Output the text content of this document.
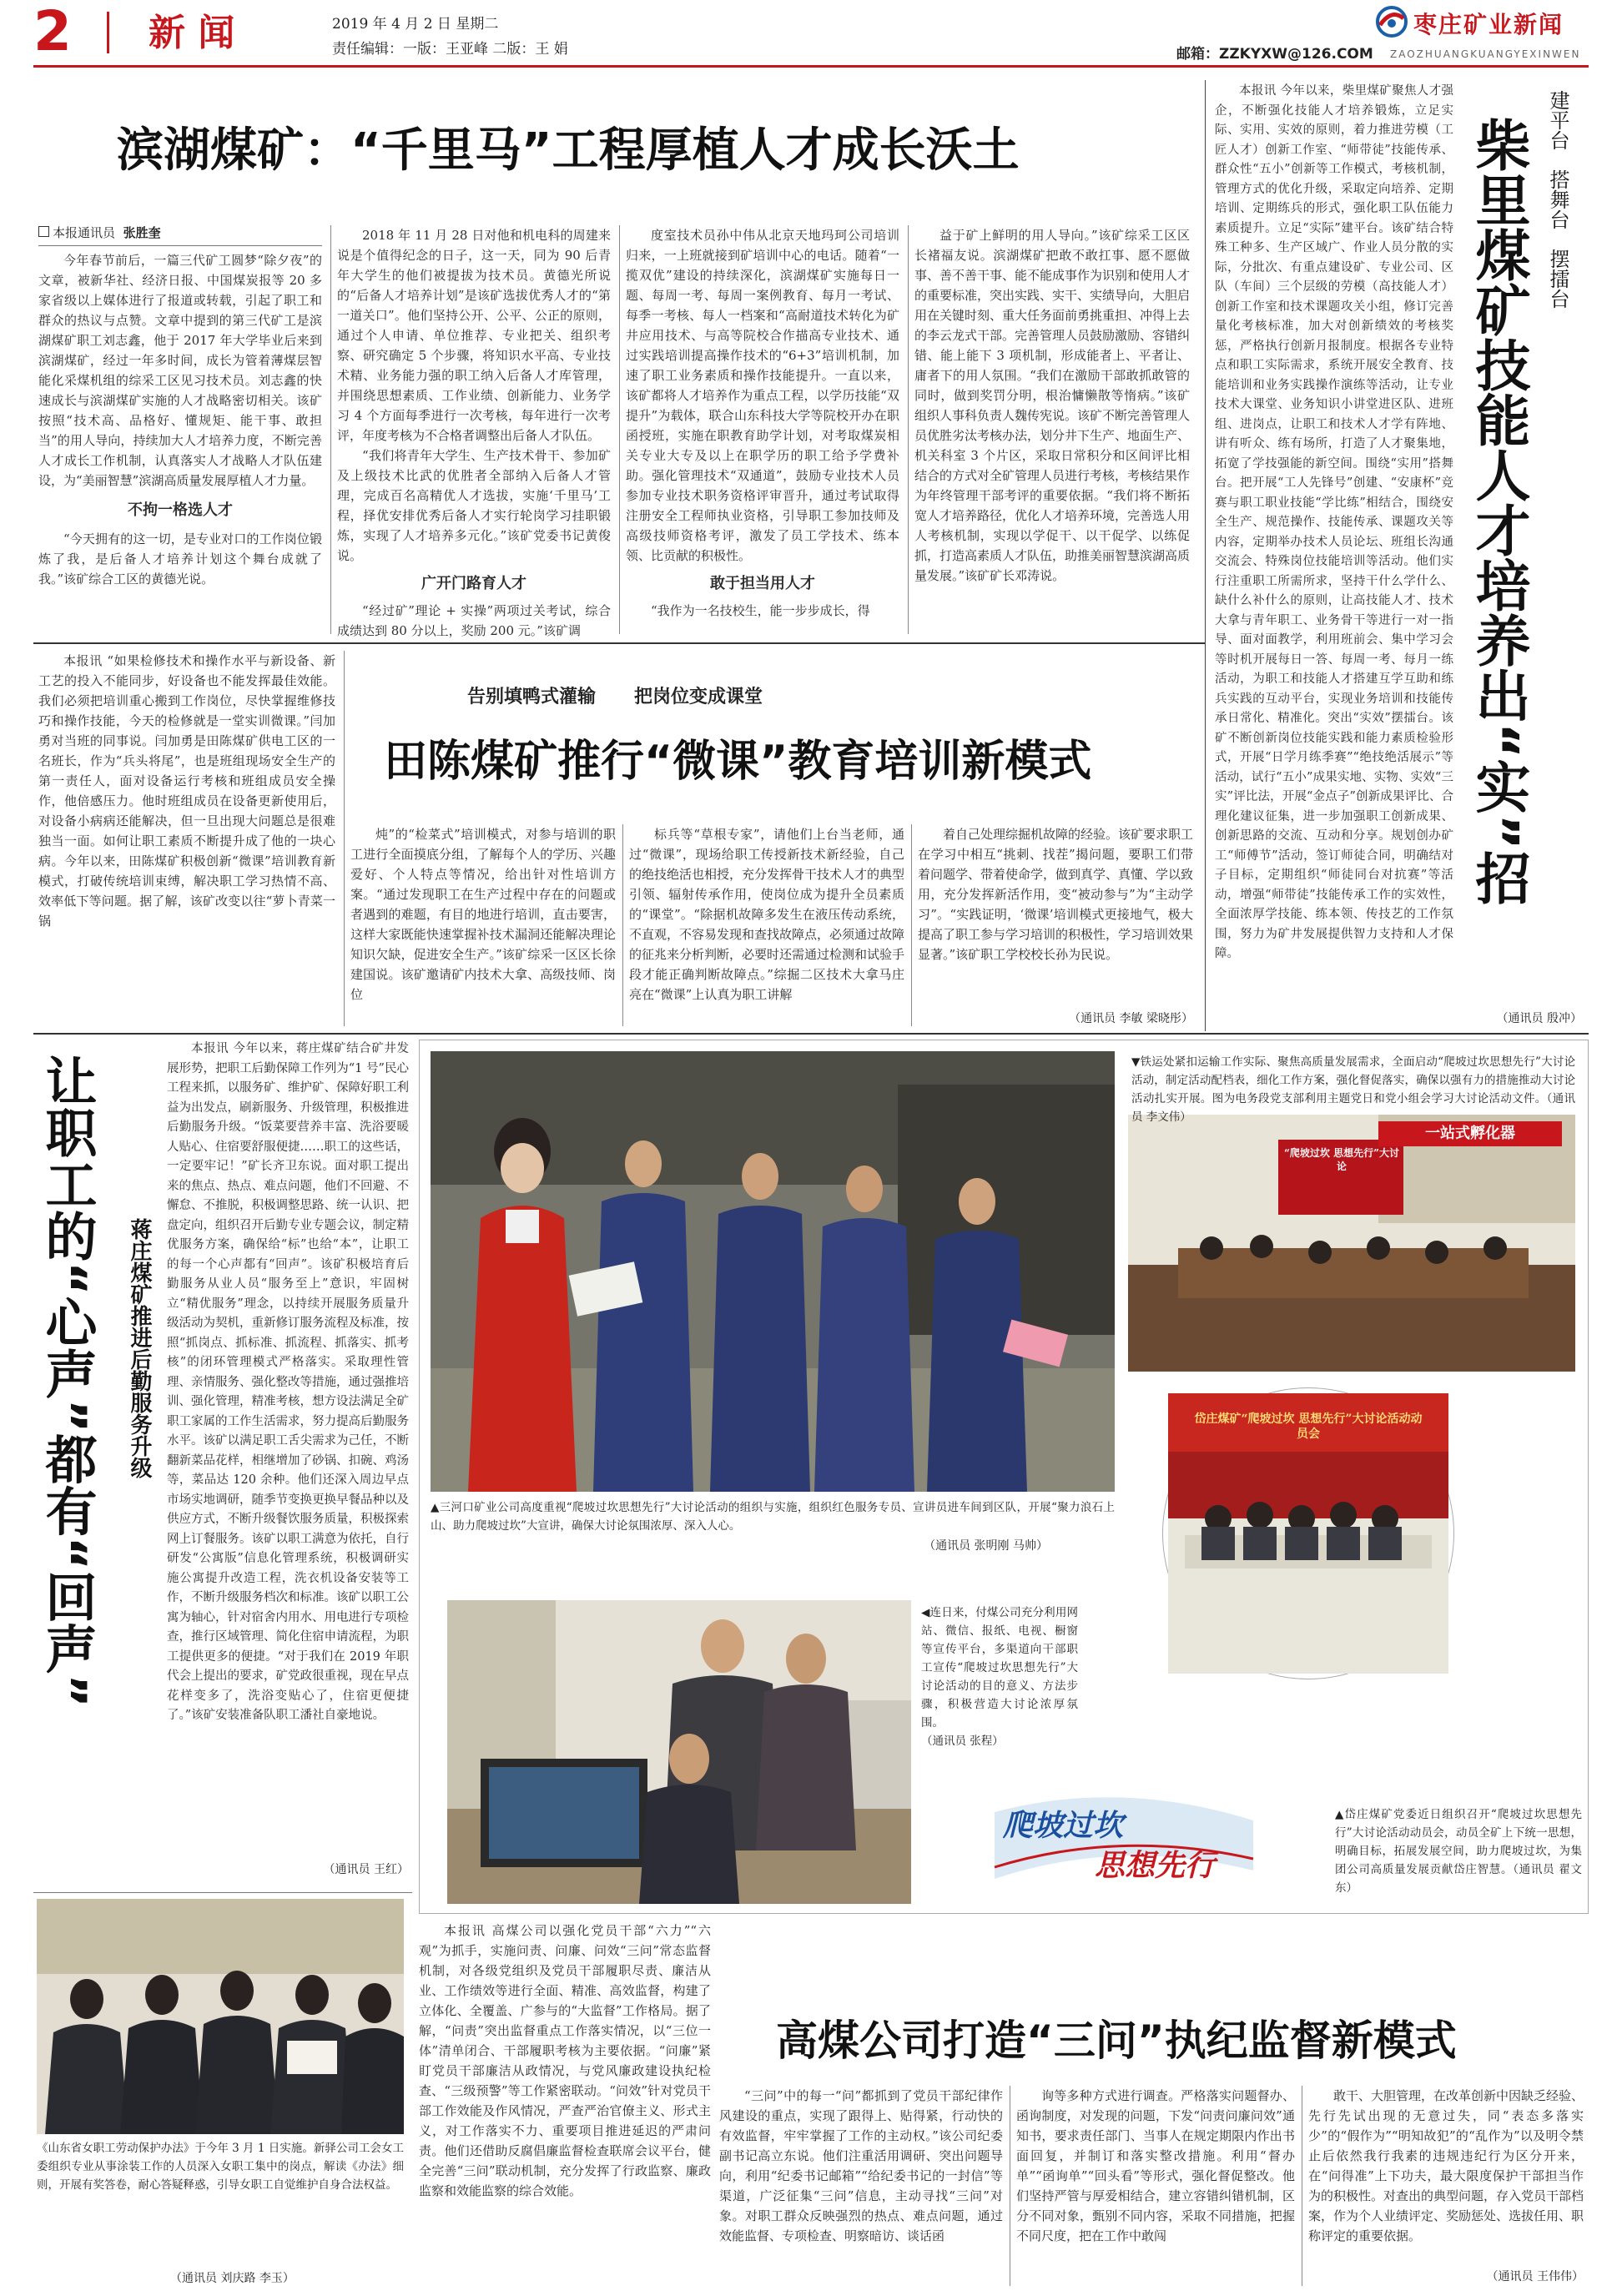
2	新 闻	2019 年 4 月 2 日 星期二
责任编辑：一版：王亚峰 二版：王 娟	邮箱：ZZKYXW@126.COM
枣庄矿业新闻
ZAOZHUANGKUANGYEXINWEN
滨湖煤矿：“千里马”工程厚植人才成长沃土
本报通讯员 张胜奎

今年春节前后，一篇三代矿工圆梦“除夕夜”的文章，被新华社、经济日报、中国煤炭报等 20 多家省级以上媒体进行了报道或转载，引起了职工和群众的热议与点赞。文章中提到的第三代矿工是滨湖煤矿职工刘志鑫，他于 2017 年大学毕业后来到滨湖煤矿，经过一年多时间，成长为管着薄煤层智能化采煤机组的综采工区见习技术员。刘志鑫的快速成长与滨湖煤矿实施的人才战略密切相关。该矿按照“技术高、品格好、懂规矩、能干事、敢担当”的用人导向，持续加大人才培养力度，不断完善人才成长工作机制，认真落实人才战略人才队伍建设，为“美丽智慧”滨湖高质量发展厚植人才力量。

不拘一格选人才

“今天拥有的这一切，是专业对口的工作岗位锻炼了我，是后备人才培养计划这个舞台成就了我。”该矿综合工区的黄德光说。

2018 年 11 月 28 日对他和机电科的周建来说是个值得纪念的日子，这一天，同为 90 后青年大学生的他们被提拔为技术员。黄德光所说的“后备人才培养计划”是该矿选拔优秀人才的“第一道关口”。他们坚持公开、公平、公正的原则，通过个人申请、单位推荐、专业把关、组织考察、研究确定 5 个步骤，将知识水平高、专业技术精、业务能力强的职工纳入后备人才库管理，并围绕思想素质、工作业绩、创新能力、业务学习 4 个方面每季进行一次考核，每年进行一次考评，年度考核为不合格者调整出后备人才队伍。

“我们将青年大学生、生产技术骨干、参加矿及上级技术比武的优胜者全部纳入后备人才管理，完成百名高精优人才选拔，实施‘千里马’工程，择优安排优秀后备人才实行轮岗学习挂职锻炼，实现了人才培养多元化。”该矿党委书记黄俊说。

广开门路育人才

“经过矿”理论 + 实操”两项过关考试，综合成绩达到 80 分以上，奖励 200 元。”该矿调

度室技术员孙中伟从北京天地玛珂公司培训归来，一上班就接到矿培训中心的电话。随着“一揽双优”建设的持续深化，滨湖煤矿实施每日一题、每周一考、每周一案例教育、每月一考试、每季一考核、每人一档案和“高耐道技术转化为矿井应用技术、与高等院校合作描高专业技术、通过实践培训提高操作技术的“6+3”培训机制，加速了职工业务素质和操作技能提升。一直以来，该矿都将人才培养作为重点工程，以学历技能“双提升”为载体，联合山东科技大学等院校开办在职函授班，实施在职教育助学计划，对考取煤炭相关专业大专及以上在职学历的职工给予学费补助。强化管理技术“双通道”，鼓励专业技术人员参加专业技术职务资格评审晋升，通过考试取得注册安全工程师执业资格，引导职工参加技师及高级技师资格考评，激发了员工学技术、练本领、比贡献的积极性。

敢于担当用人才

“我作为一名技校生，能一步步成长，得

益于矿上鲜明的用人导向。”该矿综采工区区长褚福友说。滨湖煤矿把敢不敢扛事、愿不愿做事、善不善干事、能不能成事作为识别和使用人才的重要标准，突出实践、实干、实绩导向，大胆启用在关键时刻、重大任务面前勇挑重担、冲得上去的李云龙式干部。完善管理人员鼓励激励、容错纠错、能上能下 3 项机制，形成能者上、平者让、庸者下的用人氛围。“我们在激励干部敢抓敢管的同时，做到奖罚分明，根治慵懒散等惰病。”该矿组织人事科负责人魏传宪说。该矿不断完善管理人员优胜劣汰考核办法，划分井下生产、地面生产、机关科室 3 个片区，采取日常积分和区间评比相结合的方式对全矿管理人员进行考核，考核结果作为年终管理干部考评的重要依据。“我们将不断拓宽人才培养路径，优化人才培养环境，完善选人用人考核机制，实现以学促干、以干促学、以练促抓，打造高素质人才队伍，助推美丽智慧滨湖高质量发展。”该矿矿长邓涛说。

本报讯 今年以来，柴里煤矿聚焦人才强企，不断强化技能人才培养锻炼，立足实际、实用、实效的原则，着力推进劳模（工匠人才）创新工作室、“师带徒”技能传承、群众性“五小”创新等工作模式，考核机制，管理方式的优化升级，采取定向培养、定期培训、定期练兵的形式，强化职工队伍能力素质提升。立足“实际”建平台。该矿结合特殊工种多、生产区域广、作业人员分散的实际，分批次、有重点建设矿、专业公司、区队（车间）三个层级的劳模（高技能人才）创新工作室和技术课题攻关小组，修订完善量化考核标准，加大对创新绩效的考核奖惩，严格执行创新月报制度。根据各专业特点和职工实际需求，系统开展安全教育、技能培训和业务实践操作演练等活动，让专业技术大课堂、业务知识小讲堂进区队、进班组、进岗点，让职工和技术人才学有阵地、讲有听众、练有场所，打造了人才聚集地，拓宽了学技强能的新空间。围绕“实用”搭舞台。把开展“工人先锋号”创建、“安康杯”竞赛与职工职业技能“学比练”相结合，围绕安全生产、规范操作、技能传承、课题攻关等内容，定期举办技术人员论坛、班组长沟通交流会、特殊岗位技能培训等活动。他们实行注重职工所需所求，坚持干什么学什么、缺什么补什么的原则，让高技能人才、技术大拿与青年职工、业务骨干等进行一对一指导、面对面教学，利用班前会、集中学习会等时机开展每日一答、每周一考、每月一练活动，为职工和技能人才搭建互学互助和练兵实践的互动平台，实现业务培训和技能传承日常化、精准化。突出“实效”摆擂台。该矿不断创新岗位技能实践和能力素质检验形式，开展“日学月练季赛”“绝技绝活展示”等活动，试行“五小”成果实地、实物、实效“三实”评比法，开展“金点子”创新成果评比、合理化建议征集，进一步加强职工创新成果、创新思路的交流、互动和分享。规划创办矿工“师傅节”活动，签订师徒合同，明确结对子目标，定期组织“师徒同台对抗赛”等活动，增强“师带徒”技能传承工作的实效性，全面浓厚学技能、练本领、传技艺的工作氛围，努力为矿井发展提供智力支持和人才保障。

建平台   搭舞台   摆擂台
柴里煤矿技能人才培养出“实”招

本报讯 “如果检修技术和操作水平与新设备、新工艺的投入不能同步，好设备也不能发挥最佳效能。我们必须把培训重心搬到工作岗位，尽快掌握维修技巧和操作技能，今天的检修就是一堂实训微课。”闫加勇对当班的同事说。闫加勇是田陈煤矿供电工区的一名班长，作为“兵头将尾”，也是班组现场安全生产的第一责任人，面对设备运行考核和班组成员安全操作，他倍感压力。他时班组成员在设备更新使用后，对设备小病病还能解决，但一旦出现大问题总是很难独当一面。如何让职工素质不断提升成了他的一块心病。今年以来，田陈煤矿积极创新“微课”培训教育新模式，打破传统培训束缚，解决职工学习热情不高、效率低下等问题。据了解，该矿改变以往“萝卜青菜一锅

告别填鸭式灌输 把岗位变成课堂
田陈煤矿推行“微课”教育培训新模式

炖”的“检菜式”培训模式，对参与培训的职工进行全面摸底分组，了解每个人的学历、兴趣爱好、个人特点等情况，给出针对性培训方案。“通过发现职工在生产过程中存在的问题或者遇到的难题，有目的地进行培训，直击要害，这样大家既能快速掌握补技术漏洞还能解决理论知识欠缺，促进安全生产。”该矿综采一区区长徐建国说。该矿邀请矿内技术大拿、高级技师、岗位

标兵等“草根专家”，请他们上台当老师，通过“微课”，现场给职工传授新技术新经验，自己的绝技绝活也相授，充分发挥骨干技术人才的典型引领、辐射传承作用，使岗位成为提升全员素质的“课堂”。“除据机故障多发生在液压传动系统，不直观，不容易发现和查找故障点，必须通过故障的征兆来分析判断，必要时还需通过检测和试验手段才能正确判断故障点。”综掘二区技术大拿马庄亮在“微课”上认真为职工讲解

着自己处理综掘机故障的经验。该矿要求职工在学习中相互“挑刺、找茬”揭问题，要职工们带着问题学、带着使命学，做到真学、真懂、学以致用，充分发挥新活作用，变“被动参与”为“主动学习”。“实践证明，‘微课’培训模式更接地气，极大提高了职工参与学习培训的积极性，学习培训效果显著。”该矿职工学校校长孙为民说。

（通讯员 李敏 梁晓彤）	（通讯员 殷冲）
让职工的“心声”都有“回声” 蒋庄煤矿推进后勤服务升级

本报讯 今年以来，蒋庄煤矿结合矿井发展形势，把职工后勤保障工作列为“1 号”民心工程来抓，以服务矿、维护矿、保障好职工利益为出发点，刷新服务、升级管理，积极推进后勤服务升级。“饭菜要营养丰富、洗浴要暖人贴心、住宿要舒服便捷……职工的这些话，一定要牢记！”矿长齐卫东说。面对职工提出来的焦点、热点、难点问题，他们不回避、不懈怠、不推脱，积极调整思路、统一认识、把盘定向，组织召开后勤专业专题会议，制定精优服务方案，确保给“标”也给“本”，让职工的每一个心声都有“回声”。该矿积极培育后勤服务从业人员“服务至上”意识，牢固树立“精优服务”理念，以持续开展服务质量升级活动为契机，重新修订服务流程及标准，按照“抓岗点、抓标准、抓流程、抓落实、抓考核”的闭环管理模式严格落实。采取理性管理、亲情服务、强化整改等措施，通过强推培训、强化管理，精准考核，想方设法满足全矿职工家属的工作生活需求，努力提高后勤服务水平。该矿以满足职工舌尖需求为己任，不断翻新菜品花样，相继增加了砂锅、扣碗、鸡汤等，菜品达 120 余种。他们还深入周边早点市场实地调研，随季节变换更换早餐品种以及供应方式，不断升级餐饮服务质量，积极探索网上订餐服务。该矿以职工满意为依托，自行研发“公寓版”信息化管理系统，积极调研实施公寓提升改造工程，洗衣机设备安装等工作，不断升级服务档次和标准。该矿以职工公寓为轴心，针对宿舍内用水、用电进行专项检查，推行区域管理、简化住宿申请流程，为职工提供更多的便捷。“对于我们在 2019 年职代会上提出的要求，矿党政很重视，现在早点花样变多了，洗浴变贴心了，住宿更便捷了。”该矿安装准备队职工潘社自豪地说。

（通讯员 王红）
一站式孵化器
“爬坡过坎 思想先行”大讨论
▼铁运处紧扣运输工作实际、聚焦高质量发展需求，全面启动“爬坡过坎思想先行”大讨论活动，制定活动配档表，细化工作方案，强化督促落实，确保以强有力的措施推动大讨论活动扎实开展。图为电务段党支部利用主题党日和党小组会学习大讨论活动文件。（通讯员 李文伟）
▲三河口矿业公司高度重视“爬坡过坎思想先行”大讨论活动的组织与实施，组织红色服务专员、宣讲员进车间到区队，开展“聚力浪石上山、助力爬坡过坎”大宣讲，确保大讨论氛围浓厚、深入人心。
（通讯员 张明刚 马帅）
◀连日来，付煤公司充分利用网站、微信、报纸、电视、橱窗等宣传平台，多渠道向干部职工宣传“爬坡过坎思想先行”大讨论活动的目的意义、方法步骤，积极营造大讨论浓厚氛围。
（通讯员 张程）
岱庄煤矿“爬坡过坎 思想先行”大讨论活动动员会
爬坡过坎
思想先行
▲岱庄煤矿党委近日组织召开“爬坡过坎思想先行”大讨论活动动员会，动员全矿上下统一思想，明确目标，拓展发展空间，助力爬坡过坎，为集团公司高质量发展贡献岱庄智慧。（通讯员 翟文东）
《山东省女职工劳动保护办法》于今年 3 月 1 日实施。新驿公司工会女工委组织专业从事涂装工作的人员深入女职工集中的岗点，解读《办法》细则，开展有奖答卷，耐心答疑释惑，引导女职工自觉维护自身合法权益。
（通讯员 刘庆路 李玉）

本报讯 高煤公司以强化党员干部“六力”“六观”为抓手，实施问责、问廉、问效“三问”常态监督机制，对各级党组织及党员干部履职尽责、廉洁从业、工作绩效等进行全面、精准、高效监督，构建了立体化、全覆盖、广参与的“大监督”工作格局。据了解，“问责”突出监督重点工作落实情况，以“三位一体”清单闭合、干部履职考核为主要依据。“问廉”紧盯党员干部廉洁从政情况，与党风廉政建设执纪检查、“三级预警”等工作紧密联动。“问效”针对党员干部工作效能及作风情况，严查严治官僚主义、形式主义，对工作落实不力、重要项目推进延迟的严肃问责。他们还借助反腐倡廉监督检查联席会议平台，健全完善“三问”联动机制，充分发挥了行政监察、廉政监察和效能监察的综合效能。

高煤公司打造“三问”执纪监督新模式

“三问”中的每一“问”都抓到了党员干部纪律作风建设的重点，实现了跟得上、贴得紧，行动快的有效监督，牢牢掌握了工作的主动权。”该公司纪委副书记高立东说。他们注重活用调研、突出问题导向，利用“纪委书记邮箱”“给纪委书记的一封信”等渠道，广泛征集“三问”信息，主动寻找“三问”对象。对职工群众反映强烈的热点、难点问题，通过效能监督、专项检查、明察暗访、谈话函

询等多种方式进行调查。严格落实问题督办、函询制度，对发现的问题，下发“问责问廉问效”通知书，要求责任部门、当事人在规定期限内作出书面回复，并制订和落实整改措施。利用“督办单”“函询单”“回头看”等形式，强化督促整改。他们坚持严管与厚爱相结合，建立容错纠错机制，区分不同对象，甄别不同内容，采取不同措施，把握不同尺度，把在工作中敢闯

敢干、大胆管理，在改革创新中因缺乏经验、先行先试出现的无意过失，同“表态多落实少”的“假作为”“明知故犯”的“乱作为”以及明令禁止后依然我行我素的违规违纪行为区分开来，在“问得准”上下功夫，最大限度保护干部担当作为的积极性。对查出的典型问题，存入党员干部档案，作为个人业绩评定、奖励惩处、选拔任用、职称评定的重要依据。

（通讯员 王伟伟）
